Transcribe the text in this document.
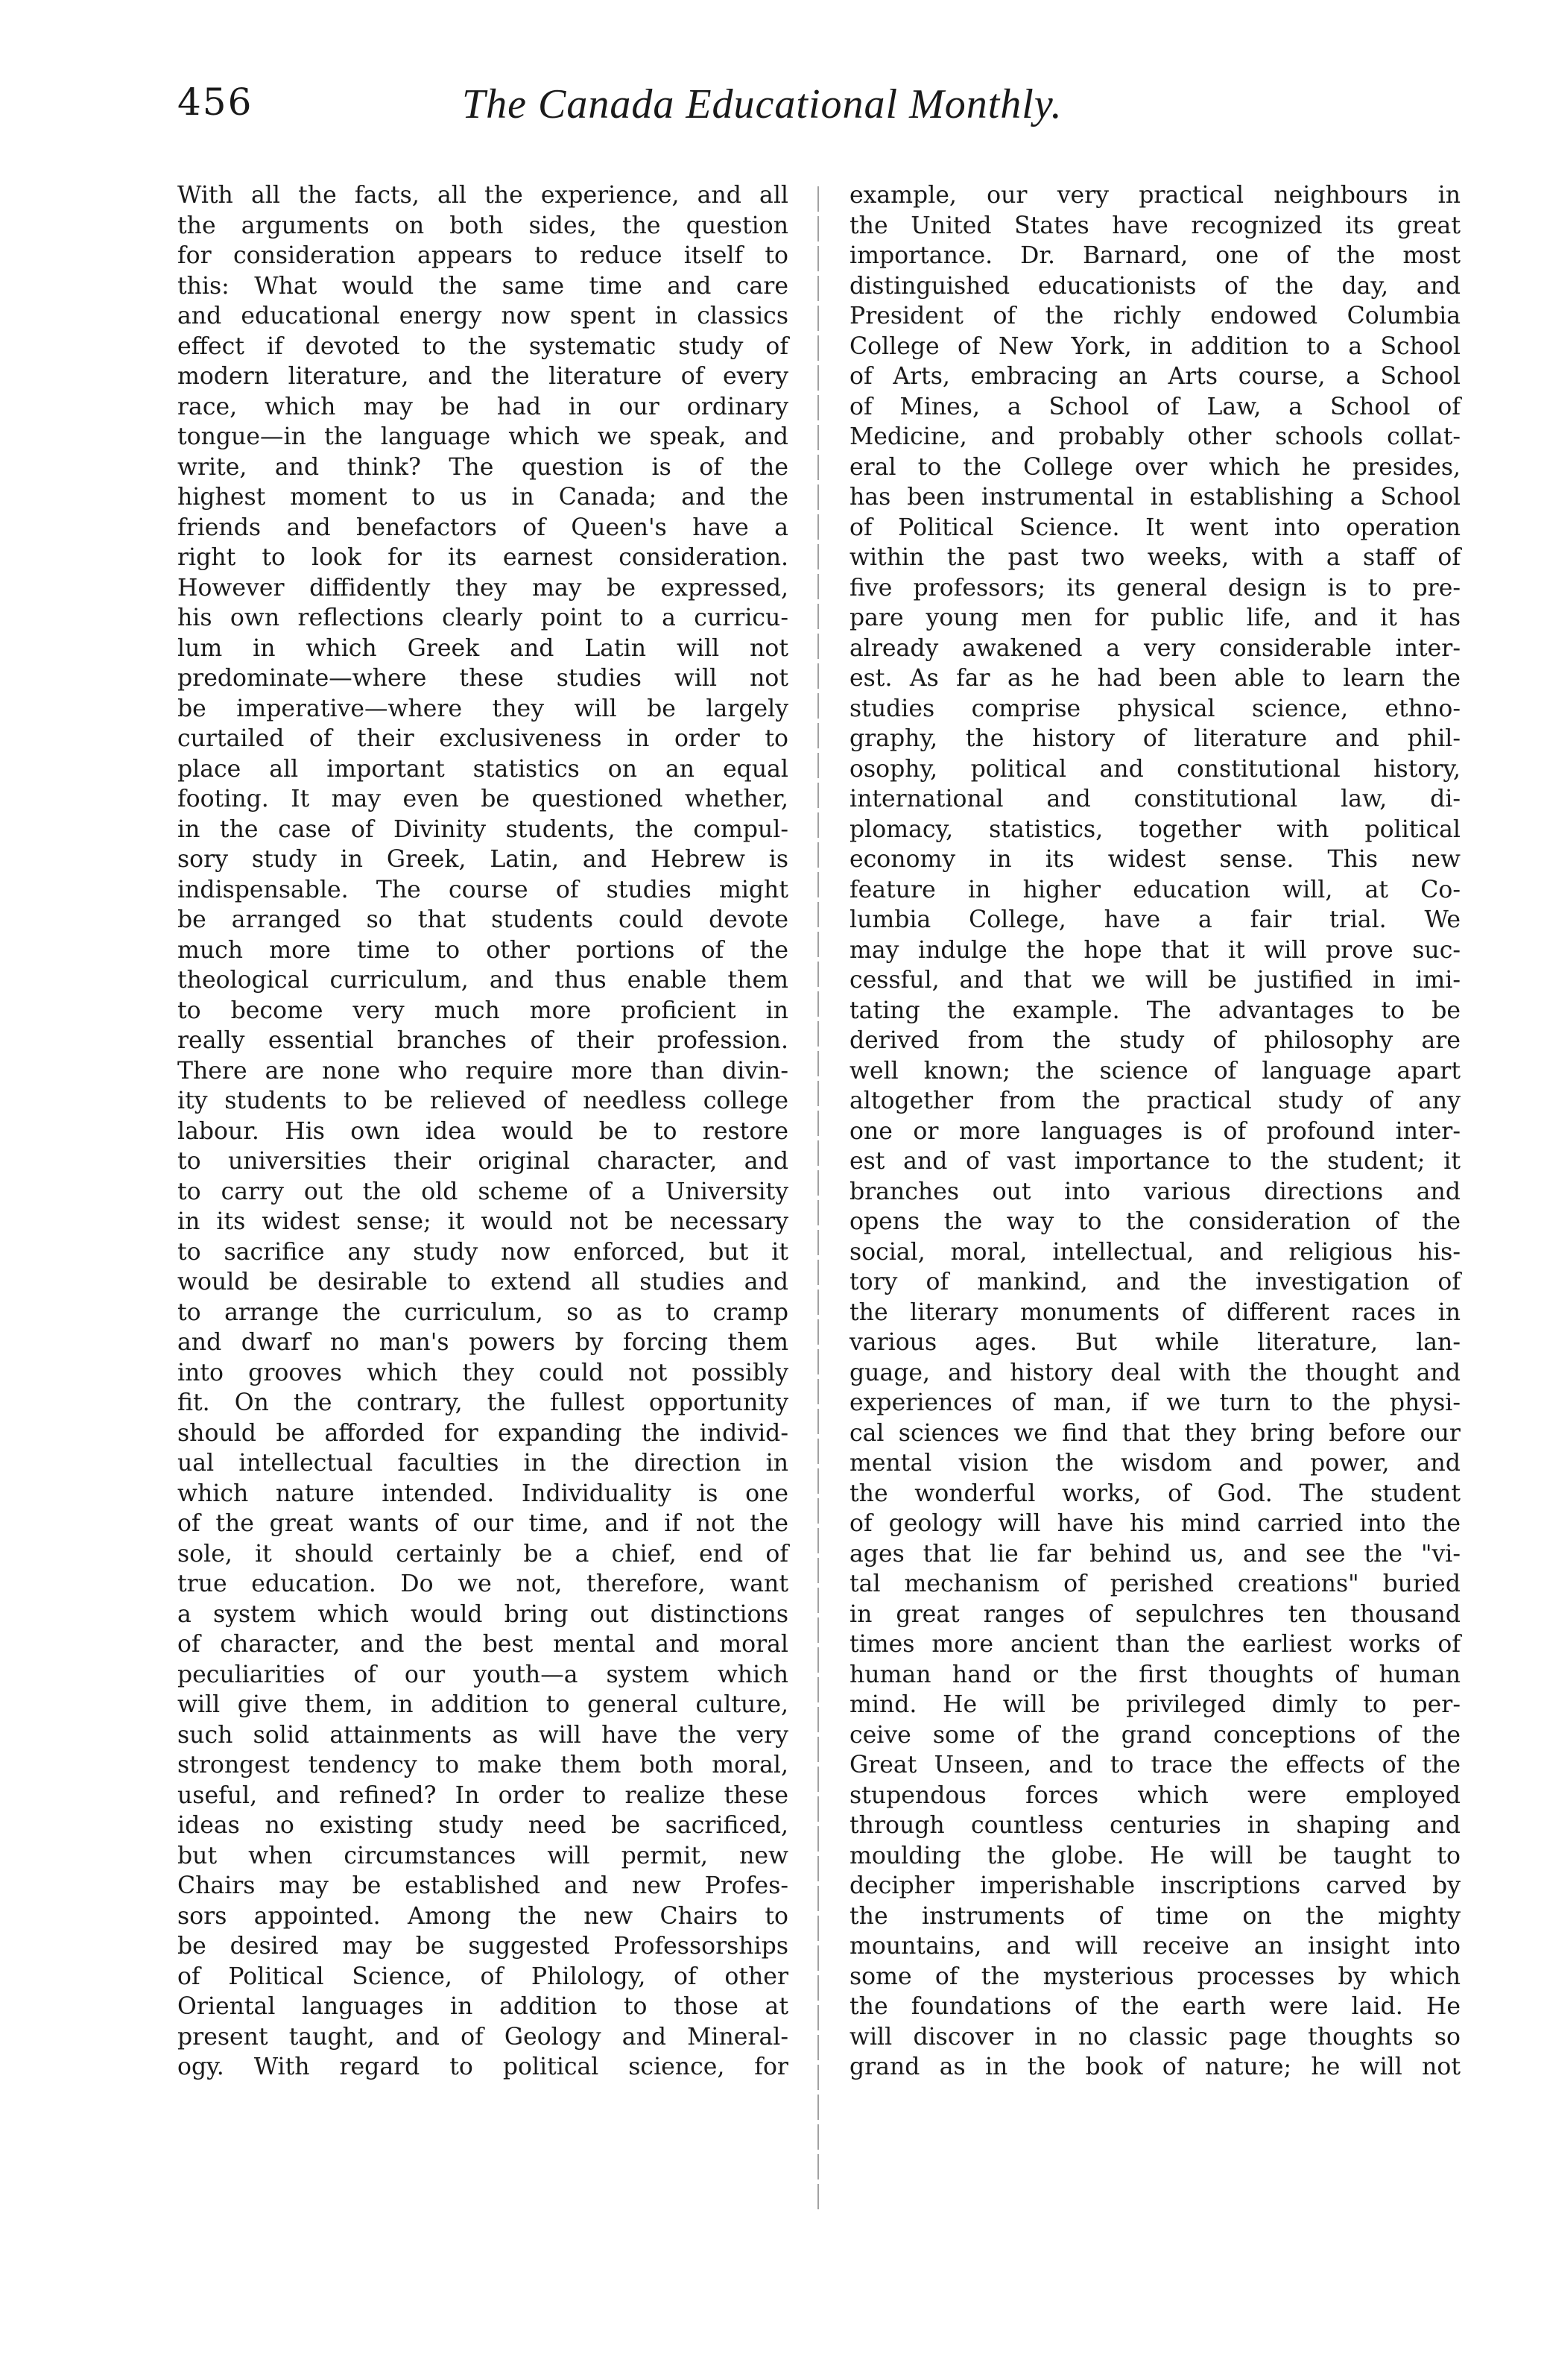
456	The Canada Educational Monthly.
With all the facts, all the experience, and all
the arguments on both sides, the question
for consideration appears to reduce itself to
this: What would the same time and care
and educational energy now spent in classics
effect if devoted to the systematic study of
modern literature, and the literature of every
race, which may be had in our ordinary
tongue—in the language which we speak, and
write, and think? The question is of the
highest moment to us in Canada; and the
friends and benefactors of Queen's have a
right to look for its earnest consideration.
However diffidently they may be expressed,
his own reflections clearly point to a curricu-
lum in which Greek and Latin will not
predominate—where these studies will not
be imperative—where they will be largely
curtailed of their exclusiveness in order to
place all important statistics on an equal
footing. It may even be questioned whether,
in the case of Divinity students, the compul-
sory study in Greek, Latin, and Hebrew is
indispensable. The course of studies might
be arranged so that students could devote
much more time to other portions of the
theological curriculum, and thus enable them
to become very much more proficient in
really essential branches of their profession.
There are none who require more than divin-
ity students to be relieved of needless college
labour. His own idea would be to restore
to universities their original character, and
to carry out the old scheme of a University
in its widest sense; it would not be necessary
to sacrifice any study now enforced, but it
would be desirable to extend all studies and
to arrange the curriculum, so as to cramp
and dwarf no man's powers by forcing them
into grooves which they could not possibly
fit. On the contrary, the fullest opportunity
should be afforded for expanding the individ-
ual intellectual faculties in the direction in
which nature intended. Individuality is one
of the great wants of our time, and if not the
sole, it should certainly be a chief, end of
true education. Do we not, therefore, want
a system which would bring out distinctions
of character, and the best mental and moral
peculiarities of our youth—a system which
will give them, in addition to general culture,
such solid attainments as will have the very
strongest tendency to make them both moral,
useful, and refined? In order to realize these
ideas no existing study need be sacrificed,
but when circumstances will permit, new
Chairs may be established and new Profes-
sors appointed. Among the new Chairs to
be desired may be suggested Professorships
of Political Science, of Philology, of other
Oriental languages in addition to those at
present taught, and of Geology and Mineral-
ogy. With regard to political science, for
example, our very practical neighbours in
the United States have recognized its great
importance. Dr. Barnard, one of the most
distinguished educationists of the day, and
President of the richly endowed Columbia
College of New York, in addition to a School
of Arts, embracing an Arts course, a School
of Mines, a School of Law, a School of
Medicine, and probably other schools collat-
eral to the College over which he presides,
has been instrumental in establishing a School
of Political Science. It went into operation
within the past two weeks, with a staff of
five professors; its general design is to pre-
pare young men for public life, and it has
already awakened a very considerable inter-
est. As far as he had been able to learn the
studies comprise physical science, ethno-
graphy, the history of literature and phil-
osophy, political and constitutional history,
international and constitutional law, di-
plomacy, statistics, together with political
economy in its widest sense. This new
feature in higher education will, at Co-
lumbia College, have a fair trial. We
may indulge the hope that it will prove suc-
cessful, and that we will be justified in imi-
tating the example. The advantages to be
derived from the study of philosophy are
well known; the science of language apart
altogether from the practical study of any
one or more languages is of profound inter-
est and of vast importance to the student; it
branches out into various directions and
opens the way to the consideration of the
social, moral, intellectual, and religious his-
tory of mankind, and the investigation of
the literary monuments of different races in
various ages. But while literature, lan-
guage, and history deal with the thought and
experiences of man, if we turn to the physi-
cal sciences we find that they bring before our
mental vision the wisdom and power, and
the wonderful works, of God. The student
of geology will have his mind carried into the
ages that lie far behind us, and see the "vi-
tal mechanism of perished creations" buried
in great ranges of sepulchres ten thousand
times more ancient than the earliest works of
human hand or the first thoughts of human
mind. He will be privileged dimly to per-
ceive some of the grand conceptions of the
Great Unseen, and to trace the effects of the
stupendous forces which were employed
through countless centuries in shaping and
moulding the globe. He will be taught to
decipher imperishable inscriptions carved by
the instruments of time on the mighty
mountains, and will receive an insight into
some of the mysterious processes by which
the foundations of the earth were laid. He
will discover in no classic page thoughts so
grand as in the book of nature; he will not
